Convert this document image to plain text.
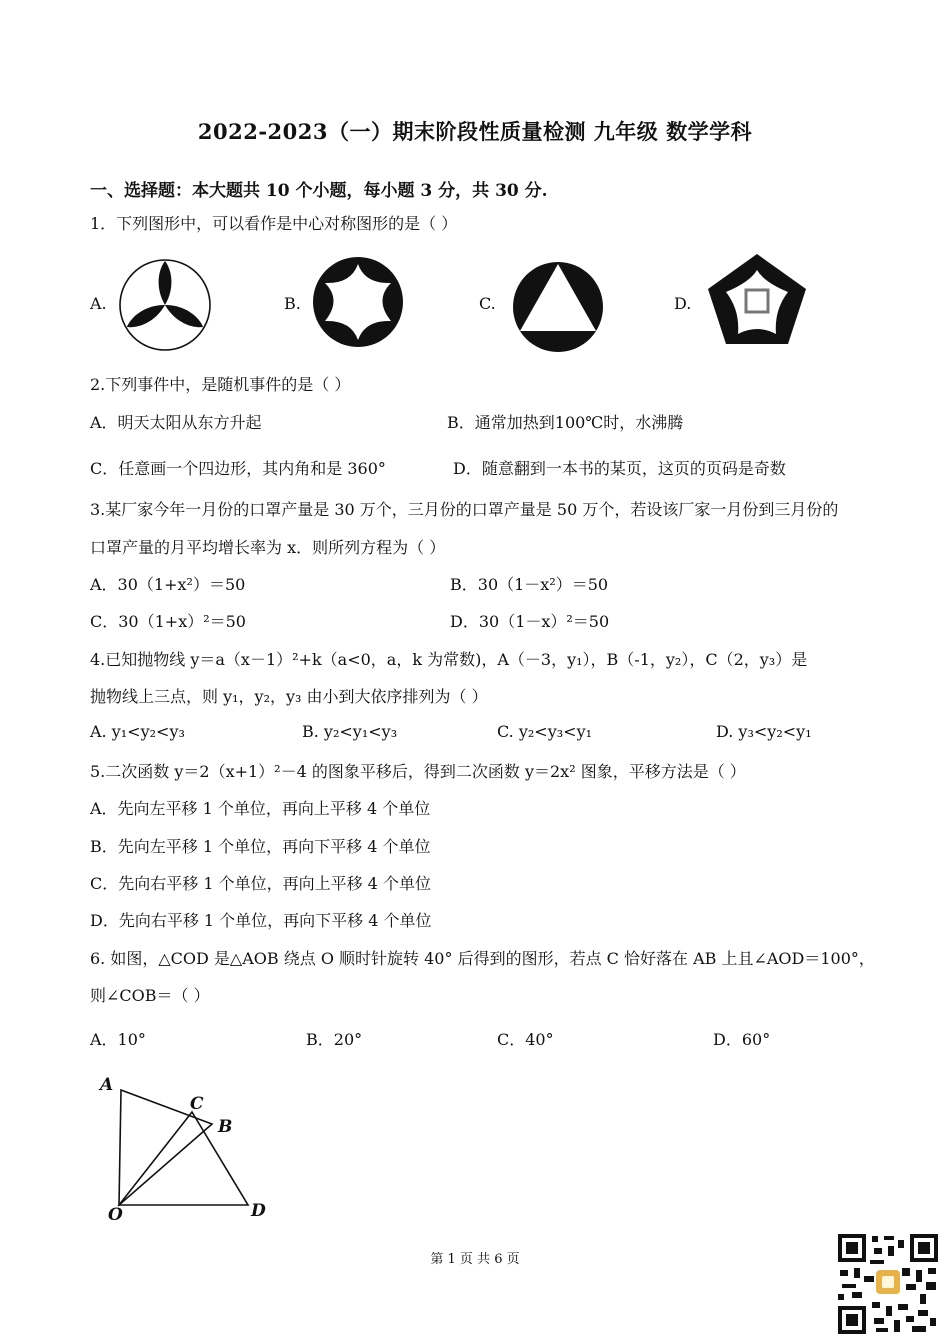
2022-2023（一）期末阶段性质量检测 九年级 数学学科
一、选择题：本大题共 10 个小题，每小题 3 分，共 30 分.
1．下列图形中，可以看作是中心对称图形的是（ ）
A.	B.	C.	D.
2.下列事件中，是随机事件的是（ ）
A．明天太阳从东方升起	B．通常加热到100℃时，水沸腾
C．任意画一个四边形，其内角和是 360°	D．随意翻到一本书的某页，这页的页码是奇数
3.某厂家今年一月份的口罩产量是 30 万个，三月份的口罩产量是 50 万个，若设该厂家一月份到三月份的
口罩产量的月平均增长率为 x．则所列方程为（ ）
A．30（1+x²）＝50	B．30（1－x²）＝50
C．30（1+x）²＝50	D．30（1－x）²＝50
4.已知抛物线 y＝a（x－1）²+k（a<0，a，k 为常数)，A（－3，y₁），B（-1，y₂），C（2，y₃）是
抛物线上三点，则 y₁，y₂，y₃ 由小到大依序排列为（ ）
A. y₁<y₂<y₃	B. y₂<y₁<y₃	C. y₂<y₃<y₁	D. y₃<y₂<y₁
5.二次函数 y＝2（x+1）²－4 的图象平移后，得到二次函数 y＝2x² 图象，平移方法是（ ）
A．先向左平移 1 个单位，再向上平移 4 个单位
B．先向左平移 1 个单位，再向下平移 4 个单位
C．先向右平移 1 个单位，再向上平移 4 个单位
D．先向右平移 1 个单位，再向下平移 4 个单位
6. 如图，△COD 是△AOB 绕点 O 顺时针旋转 40° 后得到的图形，若点 C 恰好落在 AB 上且∠AOD＝100°，
则∠COB＝（ ）
A．10°	B．20°	C．40°	D．60°
A
C
B
O	D
第 1 页 共 6 页
